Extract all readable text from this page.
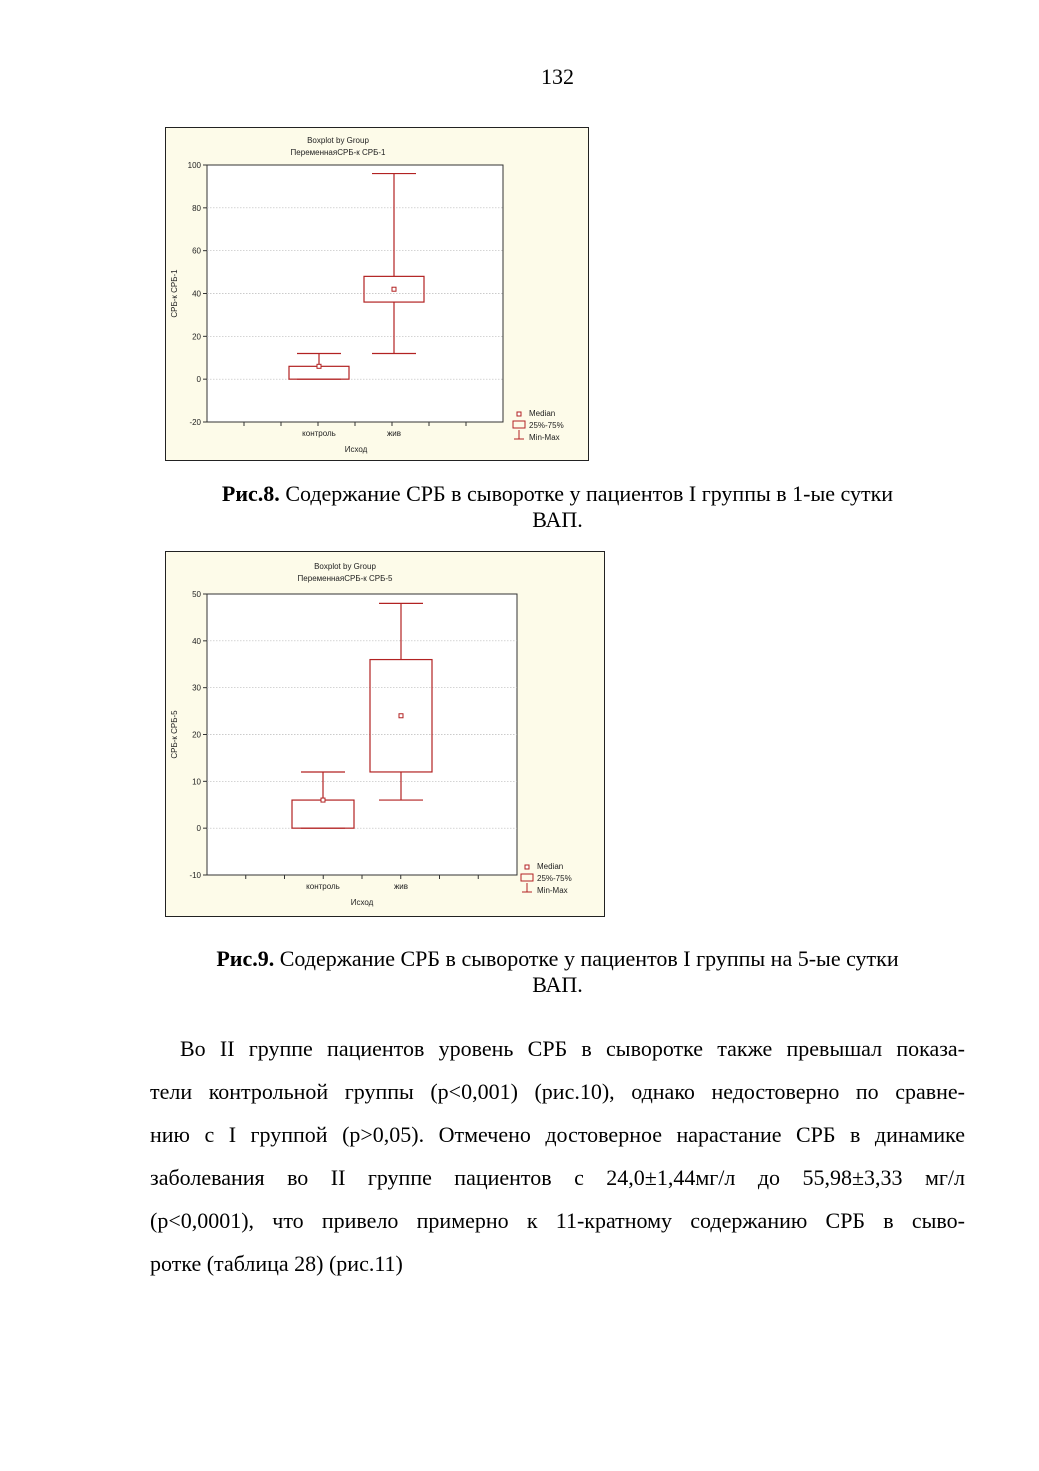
132
Boxplot by Group
ПеременнаяСРБ-к СРБ-1
100
80
60
40
20
0
-20
СРБ-к СРБ-1
контроль	жив
Исход
Median
25%-75%
Min-Max
Рис.8. Содержание СРБ в сыворотке у пациентов I группы в 1-ые сутки
ВАП.
Boxplot by Group
ПеременнаяСРБ-к СРБ-5
50
40
30
20
10
0
-10
СРБ-к СРБ-5
контроль	жив
Исход
Median
25%-75%
Min-Max
Рис.9. Содержание СРБ в сыворотке у пациентов I группы на 5-ые сутки
ВАП.
Во II группе пациентов уровень СРБ в сыворотке также превышал показа-
тели контрольной группы (р<0,001) (рис.10), однако недостоверно по сравне-
нию с I группой (р>0,05). Отмечено достоверное нарастание СРБ в динамике
заболевания во II группе пациентов с 24,0±1,44мг/л до 55,98±3,33 мг/л
(р<0,0001), что привело примерно к 11-кратному содержанию СРБ в сыво-
ротке (таблица 28) (рис.11)
